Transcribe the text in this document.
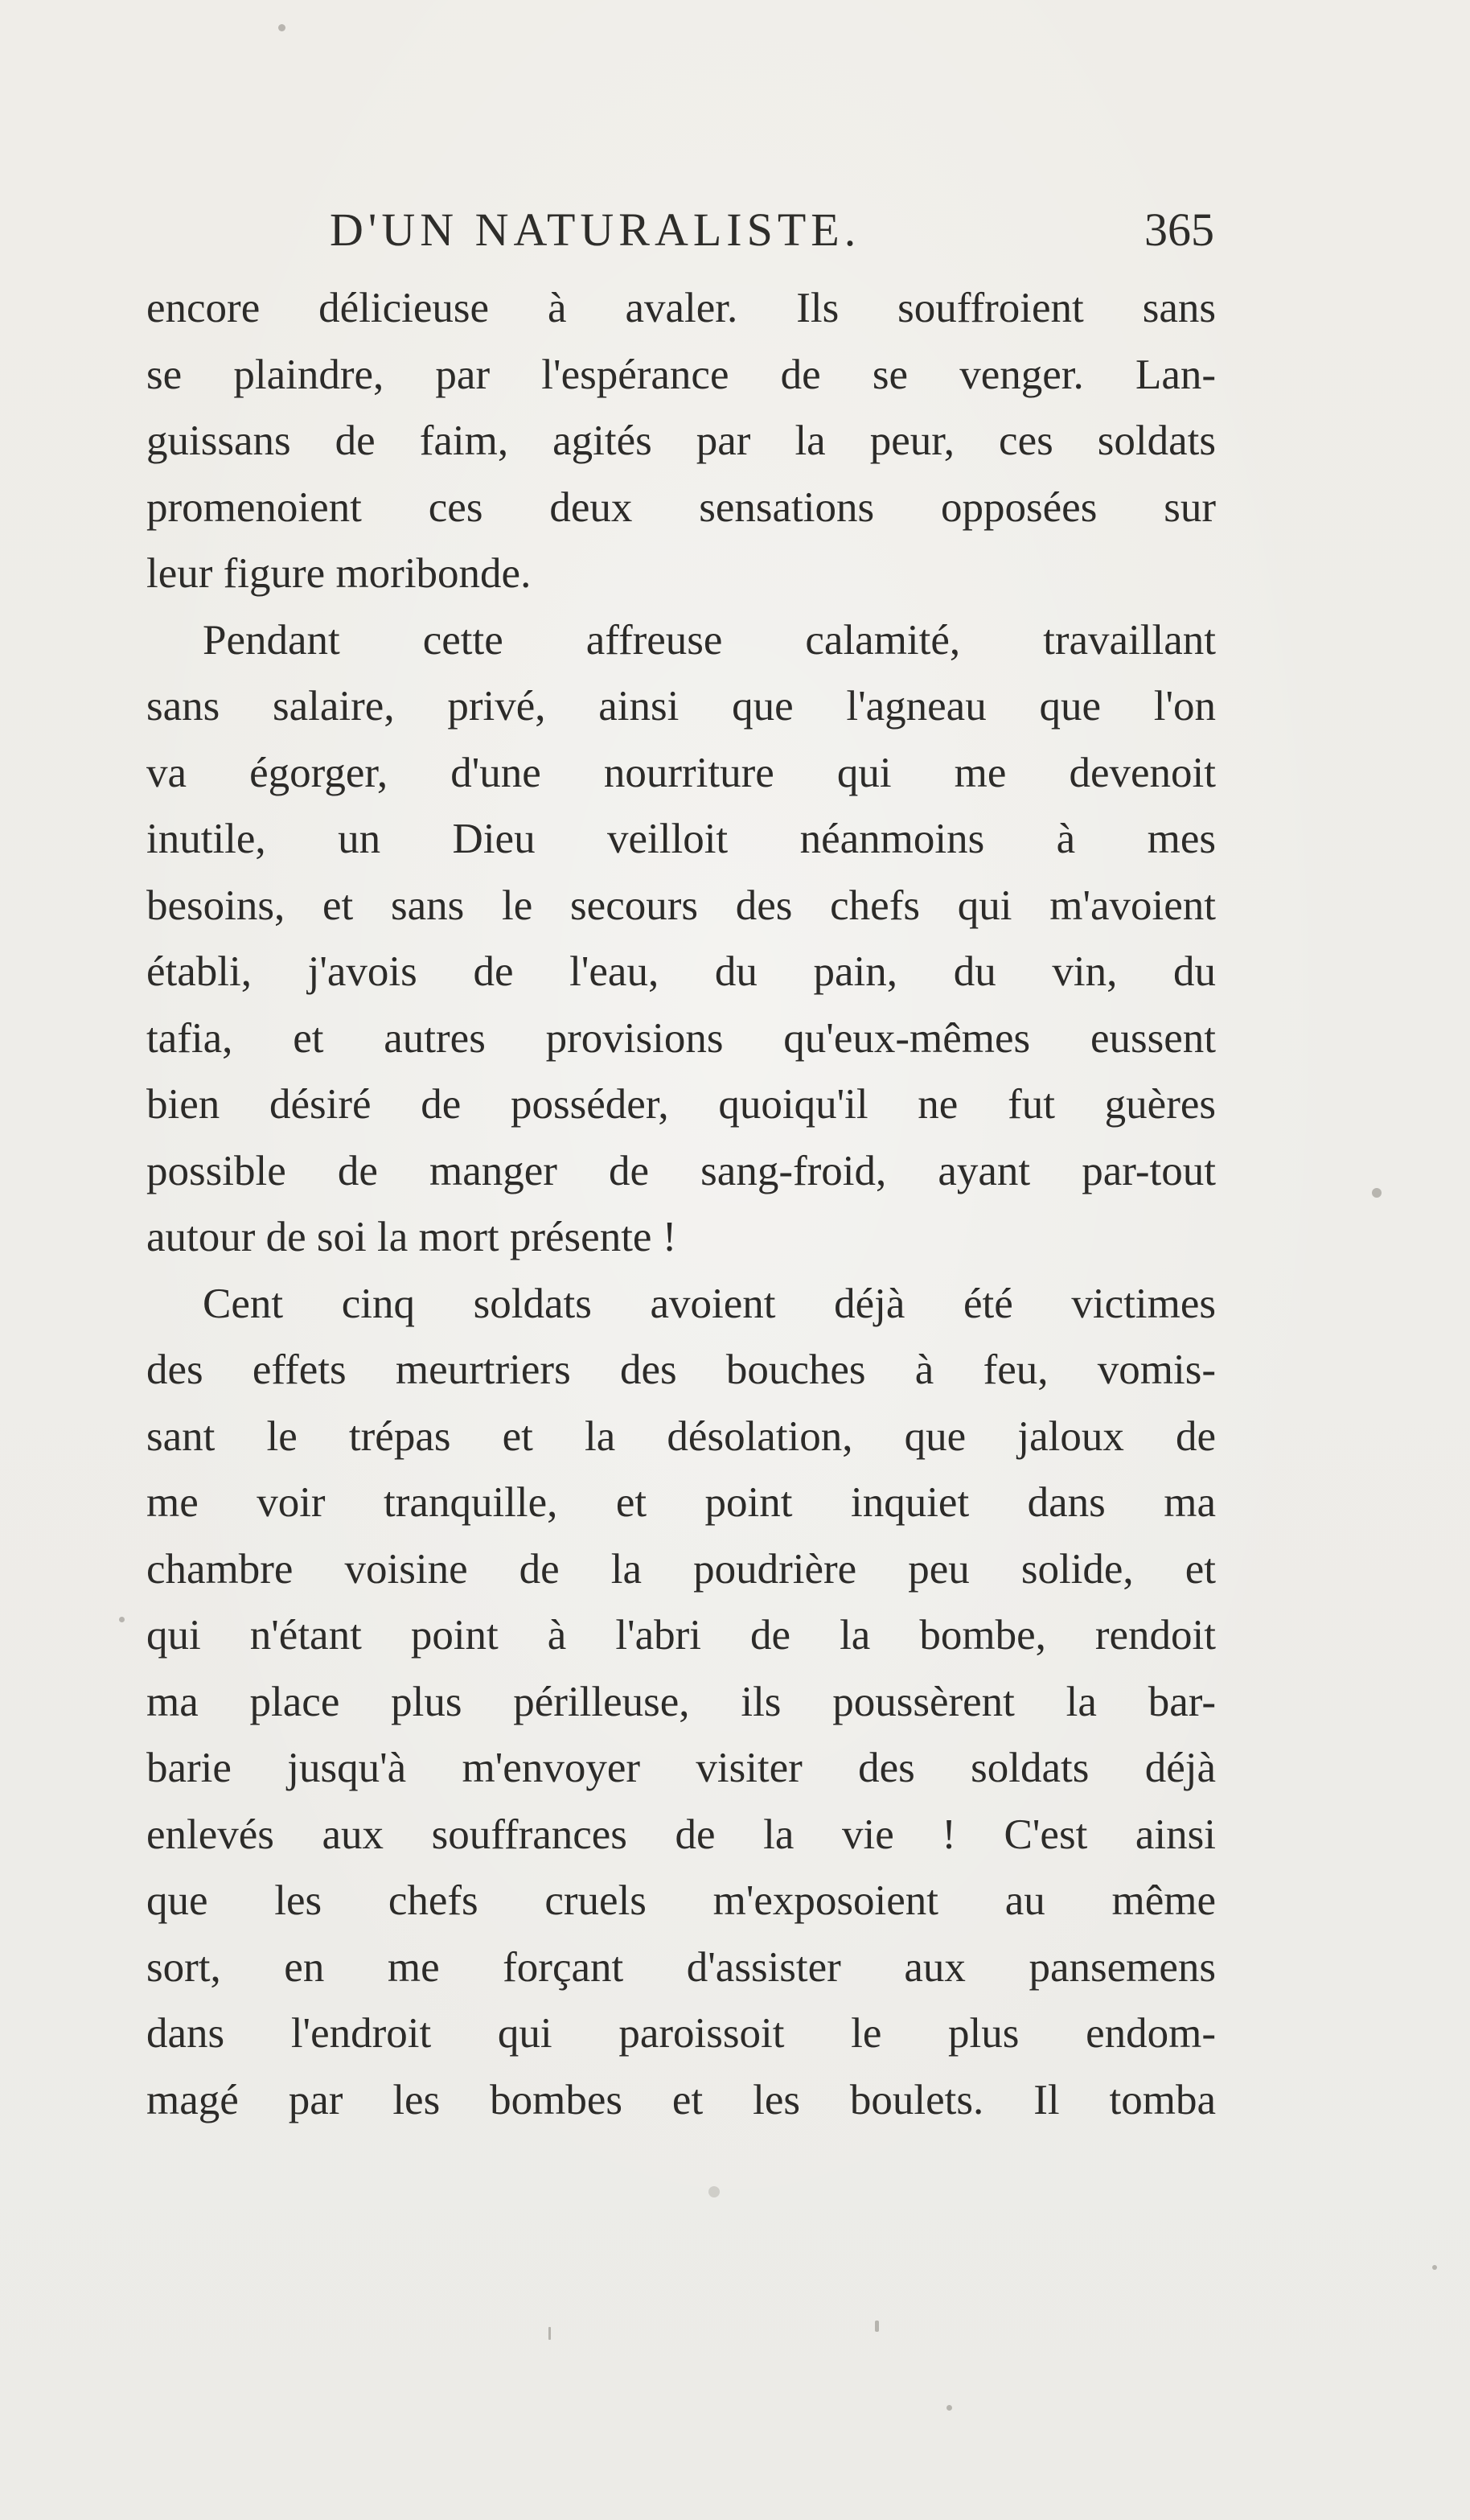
D'UN NATURALISTE.	365
encore délicieuse à avaler. Ils souffroient sans
se plaindre, par l'espérance de se venger. Lan-
guissans de faim, agités par la peur, ces soldats
promenoient ces deux sensations opposées sur
leur figure moribonde.
Pendant cette affreuse calamité, travaillant
sans salaire, privé, ainsi que l'agneau que l'on
va égorger, d'une nourriture qui me devenoit
inutile, un Dieu veilloit néanmoins à mes
besoins, et sans le secours des chefs qui m'avoient
établi, j'avois de l'eau, du pain, du vin, du
tafia, et autres provisions qu'eux-mêmes eussent
bien désiré de posséder, quoiqu'il ne fut guères
possible de manger de sang-froid, ayant par-tout
autour de soi la mort présente !
Cent cinq soldats avoient déjà été victimes
des effets meurtriers des bouches à feu, vomis-
sant le trépas et la désolation, que jaloux de
me voir tranquille, et point inquiet dans ma
chambre voisine de la poudrière peu solide, et
qui n'étant point à l'abri de la bombe, rendoit
ma place plus périlleuse, ils poussèrent la bar-
barie jusqu'à m'envoyer visiter des soldats déjà
enlevés aux souffrances de la vie ! C'est ainsi
que les chefs cruels m'exposoient au même
sort, en me forçant d'assister aux pansemens
dans l'endroit qui paroissoit le plus endom-
magé par les bombes et les boulets. Il tomba
